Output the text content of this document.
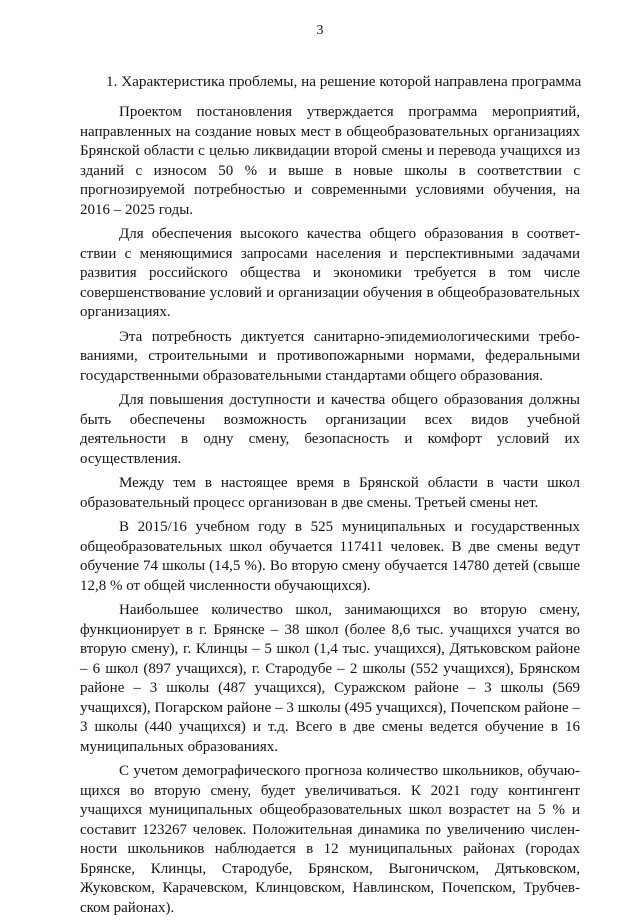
3
1. Характеристика проблемы, на решение которой направлена программа

Проектом постановления утверждается программа мероприятий, направленных на создание новых мест в общеобразовательных организациях Брянской области с целью ликвидации второй смены и перевода учащихся из зданий с износом 50 % и выше в новые школы в соответствии с прогнозируемой потребностью и современными условиями обучения, на 2016 – 2025 годы.

Для обеспечения высокого качества общего образования в соответствии с меняющимися запросами населения и перспективными задачами развития российского общества и экономики требуется в том числе совершенствование условий и организации обучения в общеобразовательных организациях.

Эта потребность диктуется санитарно-эпидемиологическими требованиями, строительными и противопожарными нормами, федеральными государственными образовательными стандартами общего образования.

Для повышения доступности и качества общего образования должны быть обеспечены возможность организации всех видов учебной деятельности в одну смену, безопасность и комфорт условий их осуществления.

Между тем в настоящее время в Брянской области в части школ образовательный процесс организован в две смены. Третьей смены нет.

В 2015/16 учебном году в 525 муниципальных и государственных общеобразовательных школ обучается 117411 человек. В две смены ведут обучение 74 школы (14,5 %). Во вторую смену обучается 14780 детей (свыше 12,8 % от общей численности обучающихся).

Наибольшее количество школ, занимающихся во вторую смену, функционирует в г. Брянске – 38 школ (более 8,6 тыс. учащихся учатся во вторую смену), г. Клинцы – 5 школ (1,4 тыс. учащихся), Дятьковском районе – 6 школ (897 учащихся), г. Стародубе – 2 школы (552 учащихся), Брянском районе – 3 школы (487 учащихся), Суражском районе – 3 школы (569 учащихся), Погарском районе – 3 школы (495 учащихся), Почепском районе – 3 школы (440 учащихся) и т.д. Всего в две смены ведется обучение в 16 муниципальных образованиях.

С учетом демографического прогноза количество школьников, обучающихся во вторую смену, будет увеличиваться. К 2021 году контингент учащихся муниципальных общеобразовательных школ возрастет на 5 % и составит 123267 человек. Положительная динамика по увеличению численности школьников наблюдается в 12 муниципальных районах (городах Брянске, Клинцы, Стародубе, Брянском, Выгоничском, Дятьковском, Жуковском, Карачевском, Клинцовском, Навлинском, Почепском, Трубчевском районах).
